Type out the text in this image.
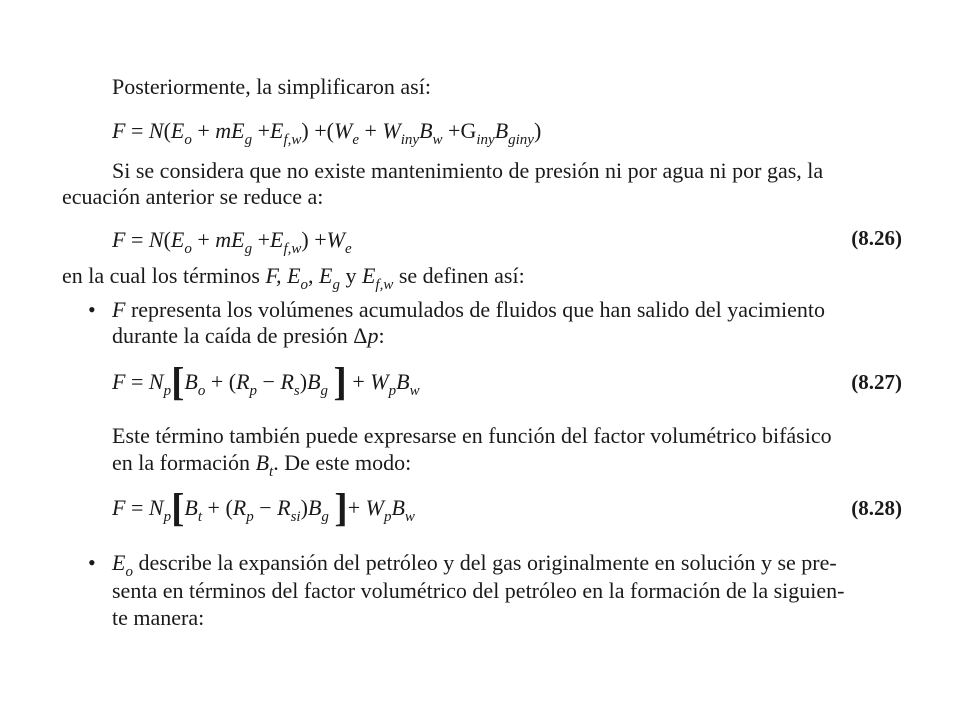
Posteriormente, la simplificaron así:
$F = N(E_o + mE_g +E_{f,w}) +(W_e + W_{iny}B_w +G_{iny}B_{giny})$
Si se considera que no existe mantenimiento de presión ni por agua ni por gas, la
ecuación anterior se reduce a:
$F = N(E_o + mE_g +E_{f,w}) +W_e$	(8.26)
en la cual los términos F, $E_o$, $E_g$ y $E_{f,w}$ se definen así:
• F representa los volúmenes acumulados de fluidos que han salido del yacimiento
durante la caída de presión Δp:
$F = N_p[B_o + (R_p - R_s)B_g$ ] + $W_pB_w$	(8.27)
Este término también puede expresarse en función del factor volumétrico bifásico
en la formación $B_t$. De este modo:
$F = N_p[B_t + (R_p - R_{si})B_g$ ]+ $W_pB_w$	(8.28)
• $E_o$ describe la expansión del petróleo y del gas originalmente en solución y se pre-
senta en términos del factor volumétrico del petróleo en la formación de la siguien-
te manera:
